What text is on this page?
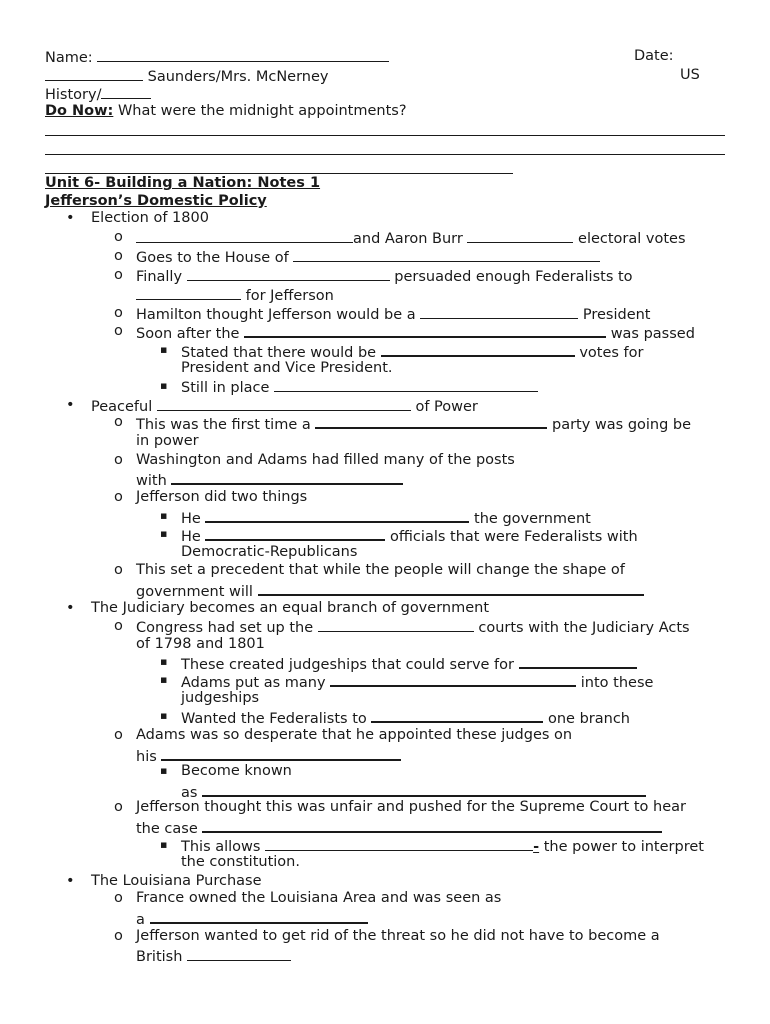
Name:	Date:
Saunders/Mrs. McNerney	US
History/
Do Now: What were the midnight appointments?
Unit 6- Building a Nation: Notes 1
Jefferson’s Domestic Policy
• Election of 1800
o	and Aaron Burr	electoral votes
o Goes to the House of
o Finally	persuaded enough Federalists to
for Jefferson
o Hamilton thought Jefferson would be a	President
o Soon after the	was passed
▪ Stated that there would be	votes for
President and Vice President.
▪ Still in place
• Peaceful	of Power
o This was the first time a	party was going be
in power
o Washington and Adams had filled many of the posts
with
o Jefferson did two things
▪ He	the government
▪ He	officials that were Federalists with
Democratic-Republicans
o This set a precedent that while the people will change the shape of
government will
• The Judiciary becomes an equal branch of government
o Congress had set up the	courts with the Judiciary Acts
of 1798 and 1801
▪ These created judgeships that could serve for
▪ Adams put as many	into these
judgeships
▪ Wanted the Federalists to	one branch
o Adams was so desperate that he appointed these judges on
his
▪ Become known
as
o Jefferson thought this was unfair and pushed for the Supreme Court to hear
the case
▪ This allows	- the power to interpret
the constitution.
• The Louisiana Purchase
o France owned the Louisiana Area and was seen as
a
o Jefferson wanted to get rid of the threat so he did not have to become a
British
